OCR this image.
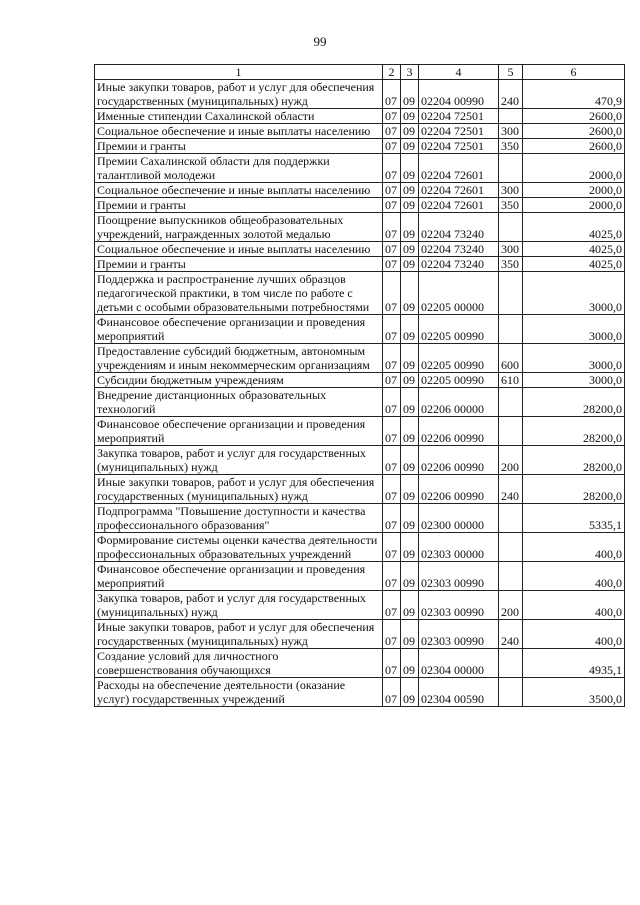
99
1	2	3	4	5	6
Иные закупки товаров, работ и услуг для обеспечения государственных (муниципальных) нужд	07	09	02204 00990	240	470,9
Именные стипендии Сахалинской области	07	09	02204 72501		2600,0
Социальное обеспечение и иные выплаты населению	07	09	02204 72501	300	2600,0
Премии и гранты	07	09	02204 72501	350	2600,0
Премии Сахалинской области для поддержки талантливой молодежи	07	09	02204 72601		2000,0
Социальное обеспечение и иные выплаты населению	07	09	02204 72601	300	2000,0
Премии и гранты	07	09	02204 72601	350	2000,0
Поощрение выпускников общеобразовательных учреждений, награжденных золотой медалью	07	09	02204 73240		4025,0
Социальное обеспечение и иные выплаты населению	07	09	02204 73240	300	4025,0
Премии и гранты	07	09	02204 73240	350	4025,0
Поддержка и распространение лучших образцов педагогической практики, в том числе по работе с детьми с особыми образовательными потребностями	07	09	02205 00000		3000,0
Финансовое обеспечение организации и проведения мероприятий	07	09	02205 00990		3000,0
Предоставление субсидий бюджетным, автономным учреждениям и иным некоммерческим организациям	07	09	02205 00990	600	3000,0
Субсидии бюджетным учреждениям	07	09	02205 00990	610	3000,0
Внедрение дистанционных образовательных технологий	07	09	02206 00000		28200,0
Финансовое обеспечение организации и проведения мероприятий	07	09	02206 00990		28200,0
Закупка товаров, работ и услуг для государственных (муниципальных) нужд	07	09	02206 00990	200	28200,0
Иные закупки товаров, работ и услуг для обеспечения государственных (муниципальных) нужд	07	09	02206 00990	240	28200,0
Подпрограмма "Повышение доступности и качества профессионального образования"	07	09	02300 00000		5335,1
Формирование системы оценки качества деятельности профессиональных образовательных учреждений	07	09	02303 00000		400,0
Финансовое обеспечение организации и проведения мероприятий	07	09	02303 00990		400,0
Закупка товаров, работ и услуг для государственных (муниципальных) нужд	07	09	02303 00990	200	400,0
Иные закупки товаров, работ и услуг для обеспечения государственных (муниципальных) нужд	07	09	02303 00990	240	400,0
Создание условий для личностного совершенствования обучающихся	07	09	02304 00000		4935,1
Расходы на обеспечение деятельности (оказание услуг) государственных учреждений	07	09	02304 00590		3500,0
